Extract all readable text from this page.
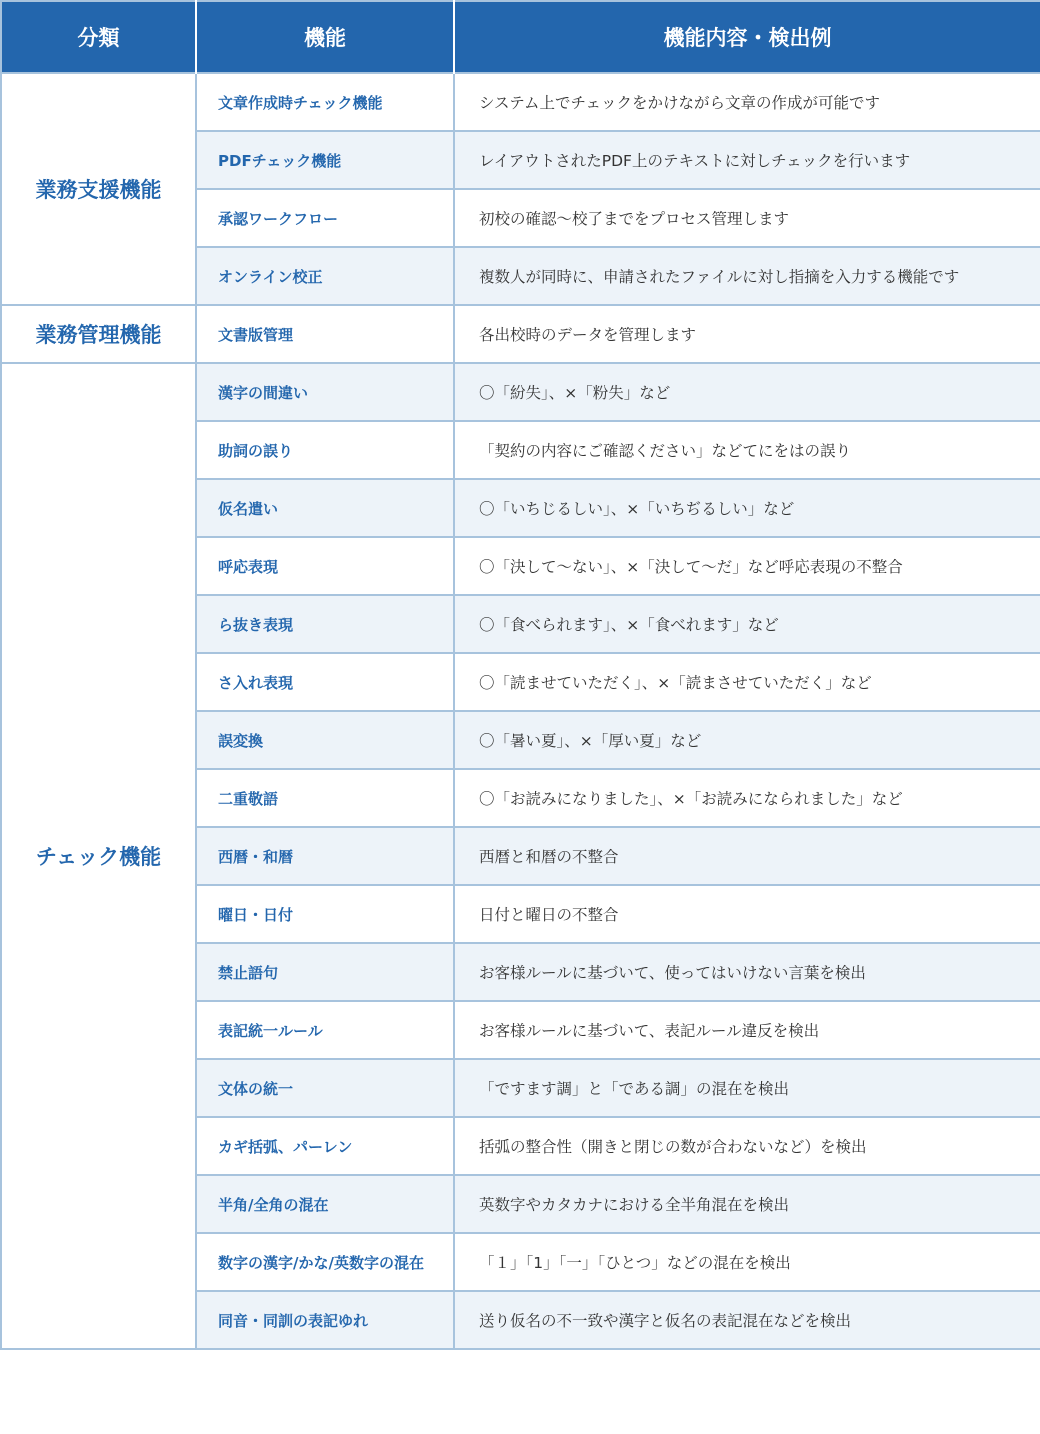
分類	機能	機能内容・検出例
業務支援機能	文章作成時チェック機能	システム上でチェックをかけながら文章の作成が可能です
	PDFチェック機能	レイアウトされたPDF上のテキストに対しチェックを行います
	承認ワークフロー	初校の確認〜校了までをプロセス管理します
	オンライン校正	複数人が同時に、申請されたファイルに対し指摘を入力する機能です
業務管理機能	文書版管理	各出校時のデータを管理します
チェック機能	漢字の間違い	〇「紛失」、×「粉失」など
	助詞の誤り	「契約の内容にご確認ください」などてにをはの誤り
	仮名遣い	〇「いちじるしい」、×「いちぢるしい」など
	呼応表現	〇「決して〜ない」、×「決して〜だ」など呼応表現の不整合
	ら抜き表現	〇「食べられます」、×「食べれます」など
	さ入れ表現	〇「読ませていただく」、×「読まさせていただく」など
	誤変換	〇「暑い夏」、×「厚い夏」など
	二重敬語	〇「お読みになりました」、×「お読みになられました」など
	西暦・和暦	西暦と和暦の不整合
	曜日・日付	日付と曜日の不整合
	禁止語句	お客様ルールに基づいて、使ってはいけない言葉を検出
	表記統一ルール	お客様ルールに基づいて、表記ルール違反を検出
	文体の統一	「ですます調」と「である調」の混在を検出
	カギ括弧、パーレン	括弧の整合性（開きと閉じの数が合わないなど）を検出
	半角/全角の混在	英数字やカタカナにおける全半角混在を検出
	数字の漢字/かな/英数字の混在	「１」「1」「一」「ひとつ」などの混在を検出
	同音・同訓の表記ゆれ	送り仮名の不一致や漢字と仮名の表記混在などを検出
